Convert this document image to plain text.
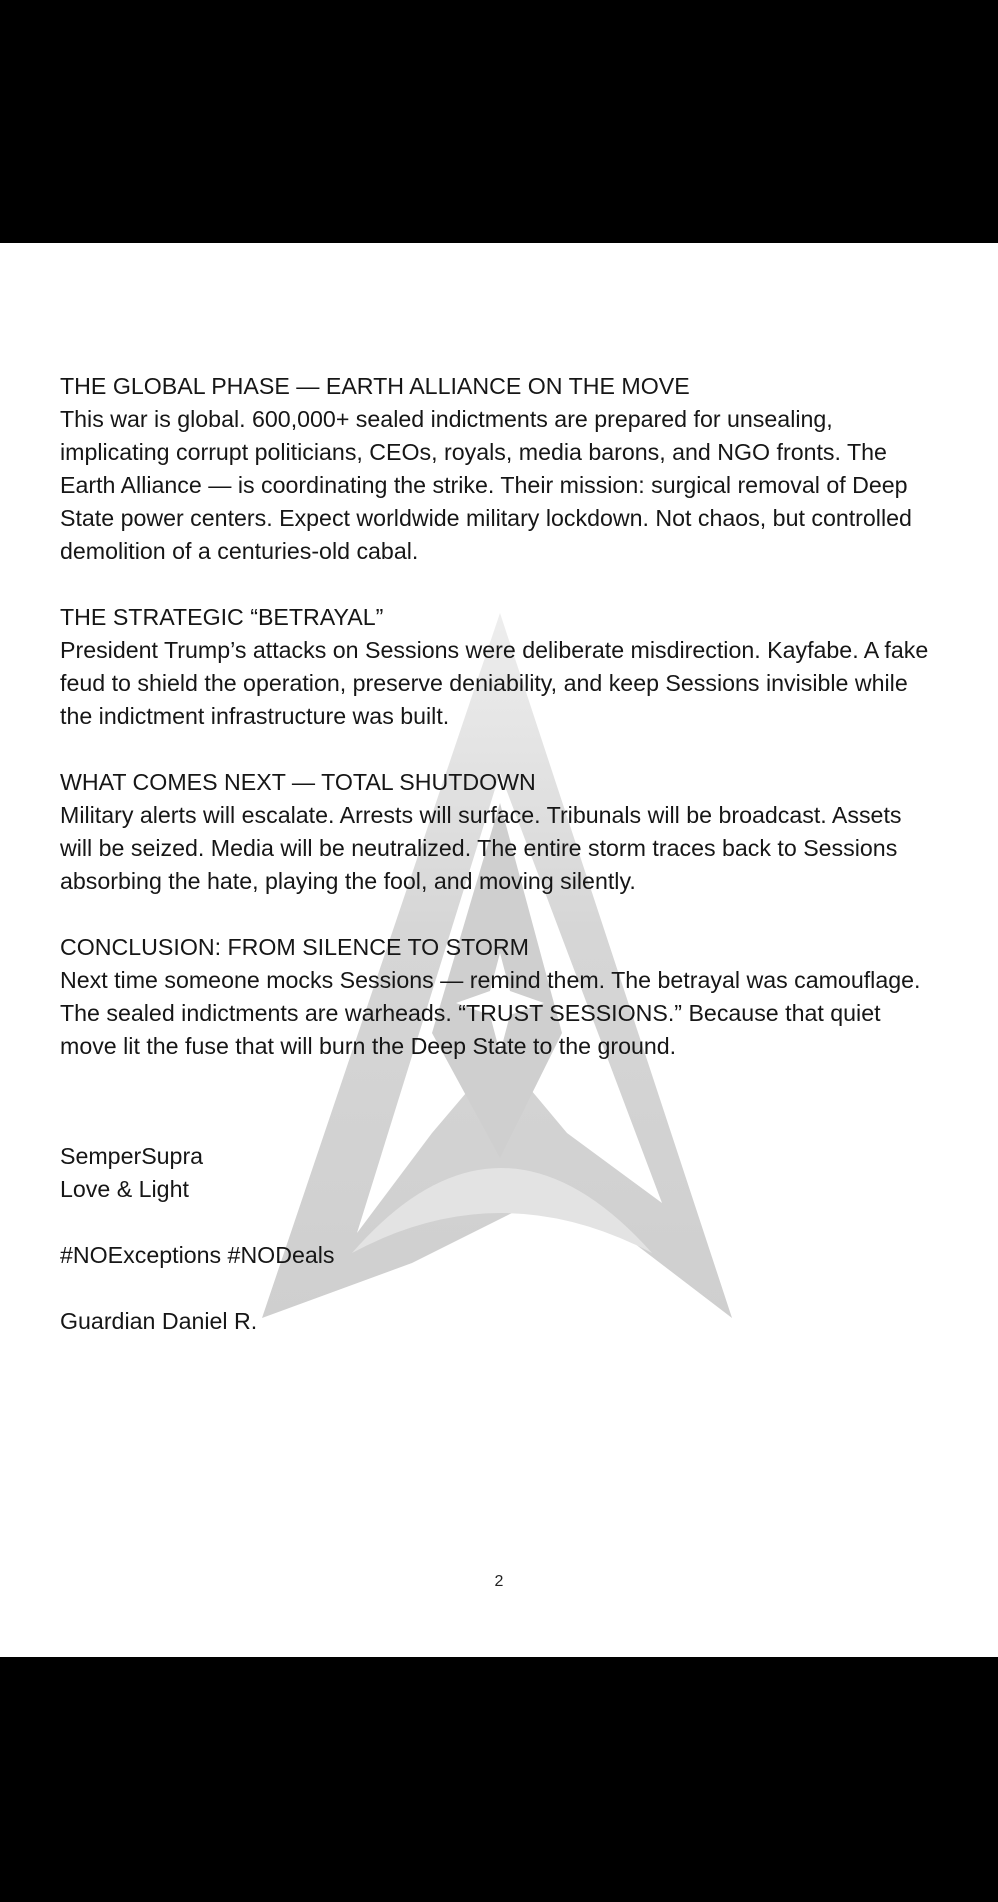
THE GLOBAL PHASE — EARTH ALLIANCE ON THE MOVE

This war is global. 600,000+ sealed indictments are prepared for unsealing, implicating corrupt politicians, CEOs, royals, media barons, and NGO fronts. The Earth Alliance — is coordinating the strike. Their mission: surgical removal of Deep State power centers. Expect worldwide military lockdown. Not chaos, but controlled demolition of a centuries-old cabal.

THE STRATEGIC “BETRAYAL”

President Trump’s attacks on Sessions were deliberate misdirection. Kayfabe. A fake feud to shield the operation, preserve deniability, and keep Sessions invisible while the indictment infrastructure was built.

WHAT COMES NEXT — TOTAL SHUTDOWN

Military alerts will escalate. Arrests will surface. Tribunals will be broadcast. Assets will be seized. Media will be neutralized. The entire storm traces back to Sessions absorbing the hate, playing the fool, and moving silently.

CONCLUSION: FROM SILENCE TO STORM

Next time someone mocks Sessions — remind them. The betrayal was camouflage. The sealed indictments are warheads. “TRUST SESSIONS.” Because that quiet move lit the fuse that will burn the Deep State to the ground.

SemperSupra

Love & Light

#NOExceptions #NODeals

Guardian Daniel R.

2
